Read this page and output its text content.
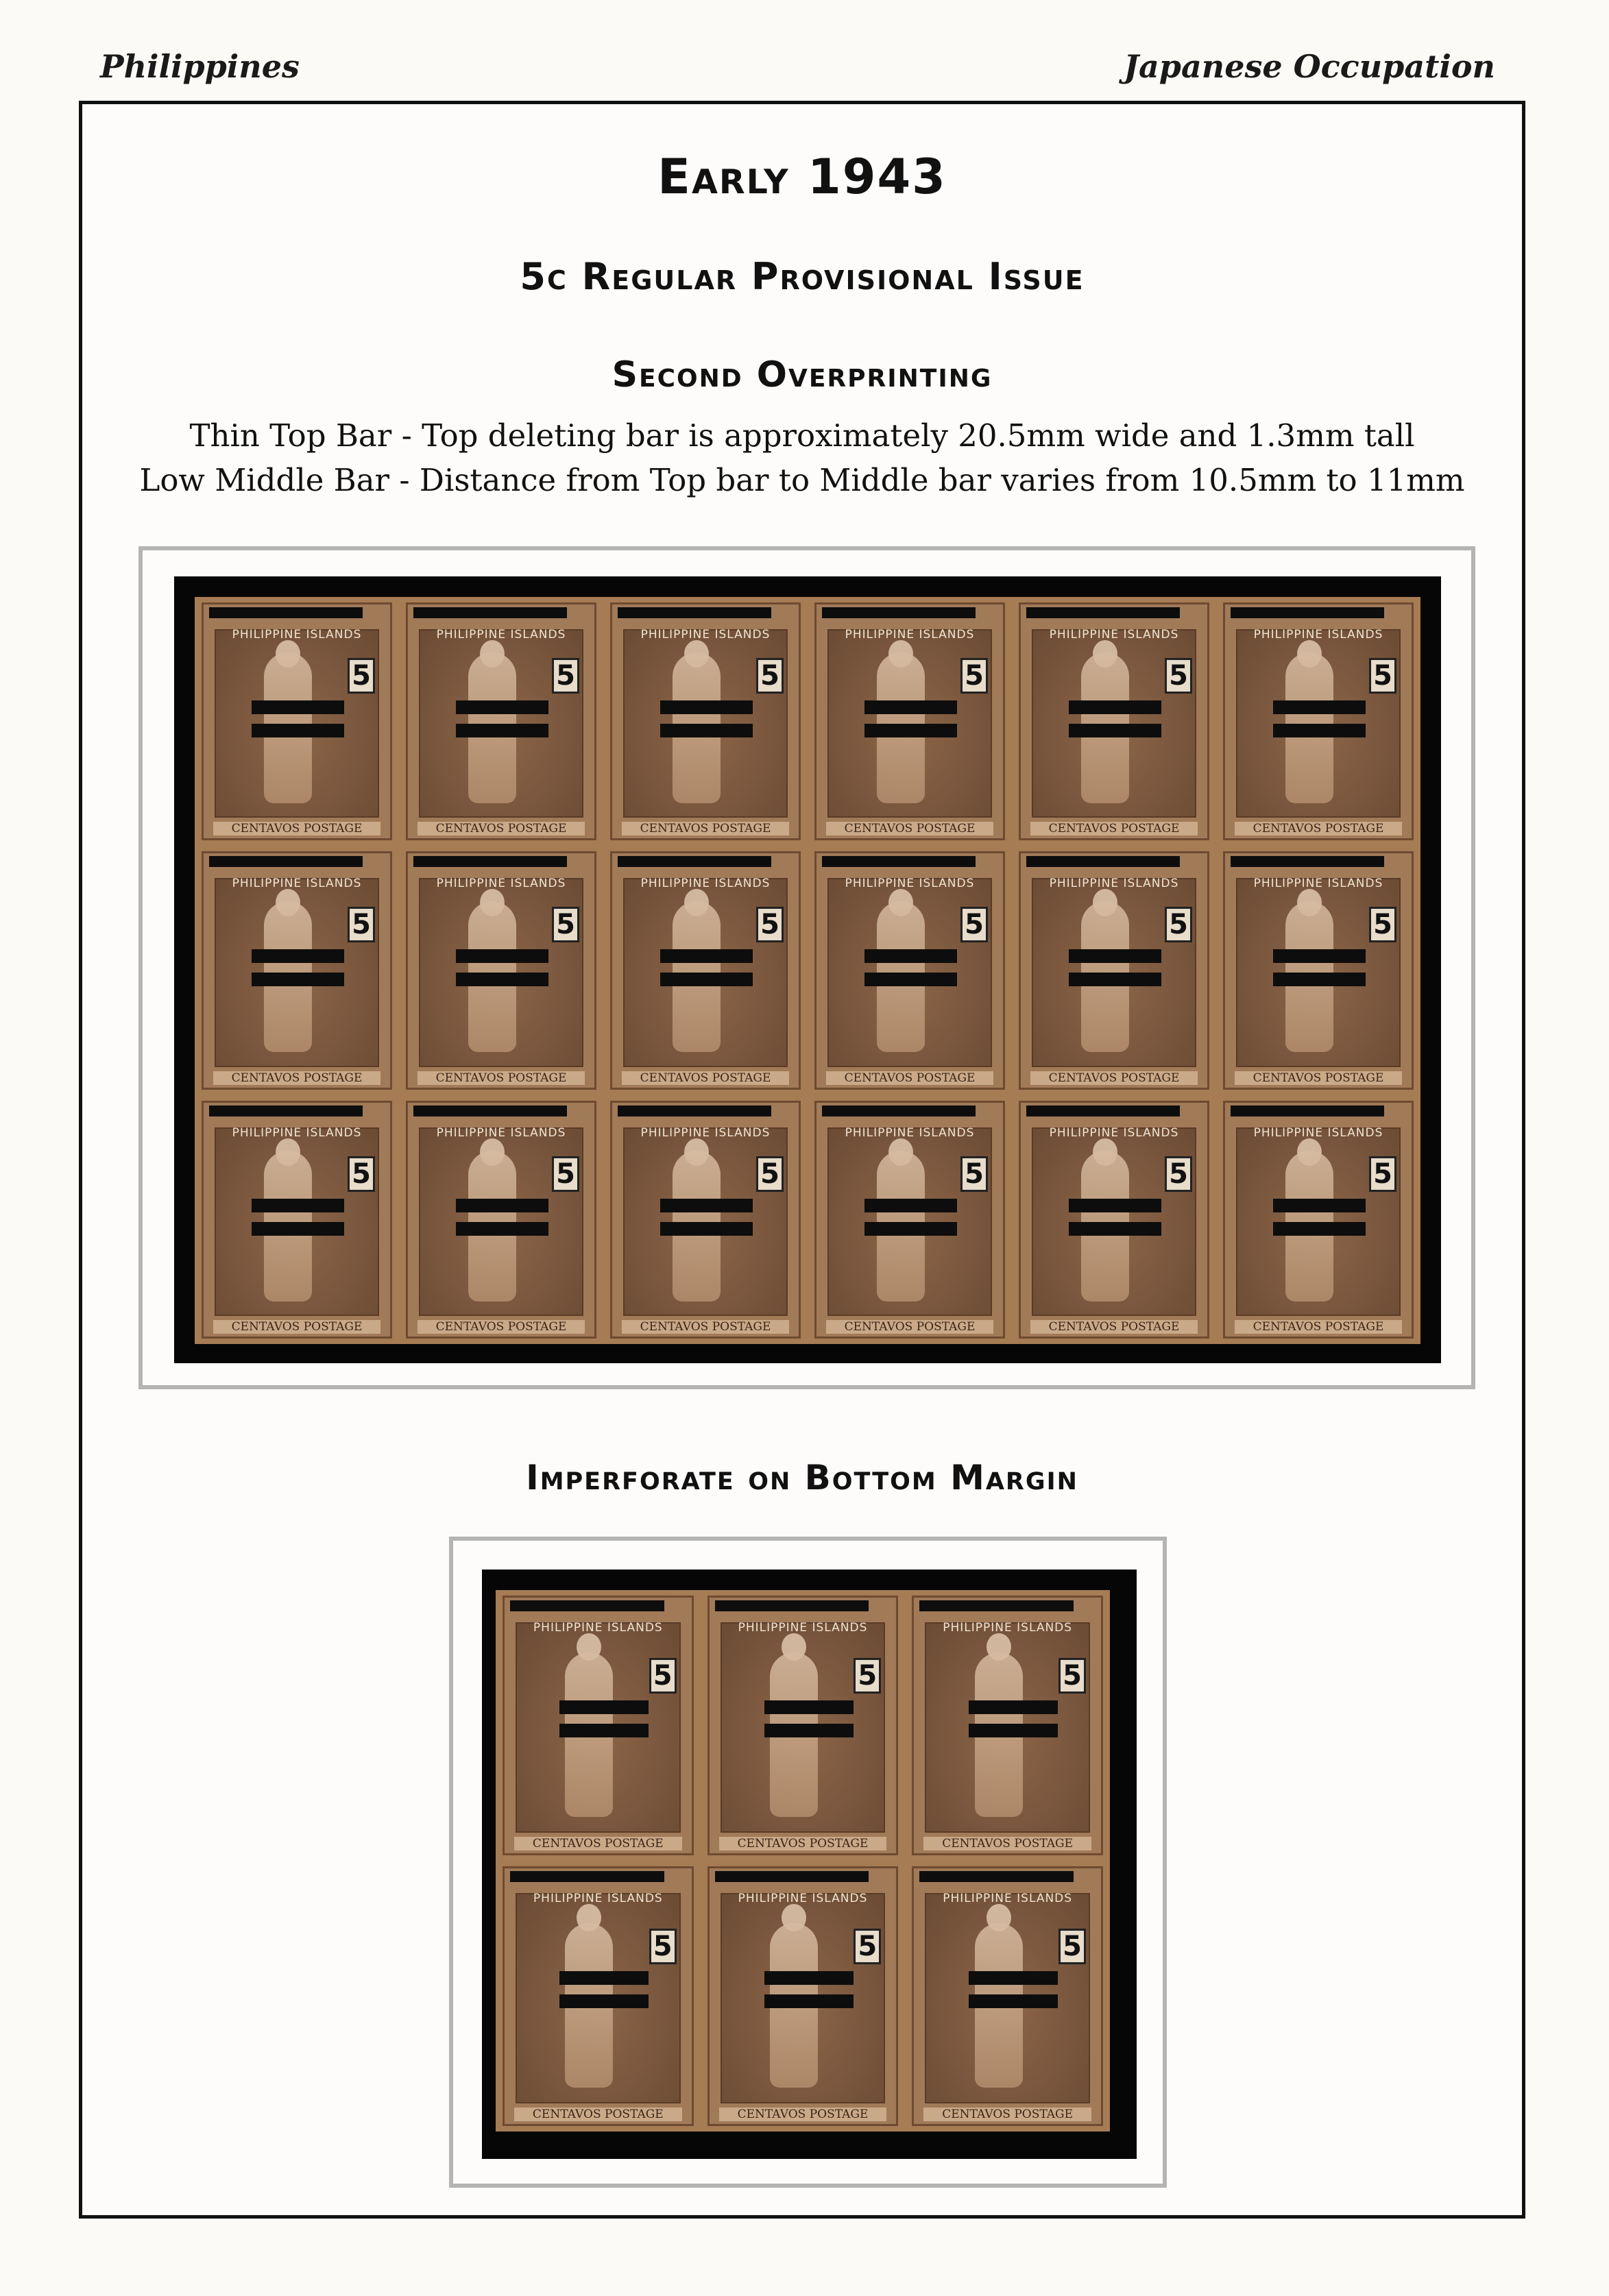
Philippines	Japanese Occupation
Early 1943
5c Regular Provisional Issue
Second Overprinting
Thin Top Bar - Top deleting bar is approximately 20.5mm wide and 1.3mm tall
Low Middle Bar - Distance from Top bar to Middle bar varies from 10.5mm to 11mm
PHILIPPINE ISLANDS
5
CENTAVOS POSTAGE
PHILIPPINE ISLANDS
5
CENTAVOS POSTAGE
PHILIPPINE ISLANDS
5
CENTAVOS POSTAGE
PHILIPPINE ISLANDS
5
CENTAVOS POSTAGE
PHILIPPINE ISLANDS
5
CENTAVOS POSTAGE
PHILIPPINE ISLANDS
5
CENTAVOS POSTAGE
PHILIPPINE ISLANDS
5
CENTAVOS POSTAGE
PHILIPPINE ISLANDS
5
CENTAVOS POSTAGE
PHILIPPINE ISLANDS
5
CENTAVOS POSTAGE
PHILIPPINE ISLANDS
5
CENTAVOS POSTAGE
PHILIPPINE ISLANDS
5
CENTAVOS POSTAGE
PHILIPPINE ISLANDS
5
CENTAVOS POSTAGE
PHILIPPINE ISLANDS
5
CENTAVOS POSTAGE
PHILIPPINE ISLANDS
5
CENTAVOS POSTAGE
PHILIPPINE ISLANDS
5
CENTAVOS POSTAGE
PHILIPPINE ISLANDS
5
CENTAVOS POSTAGE
PHILIPPINE ISLANDS
5
CENTAVOS POSTAGE
PHILIPPINE ISLANDS
5
CENTAVOS POSTAGE
Imperforate on Bottom Margin
PHILIPPINE ISLANDS
5
CENTAVOS POSTAGE
PHILIPPINE ISLANDS
5
CENTAVOS POSTAGE
PHILIPPINE ISLANDS
5
CENTAVOS POSTAGE
PHILIPPINE ISLANDS
5
CENTAVOS POSTAGE
PHILIPPINE ISLANDS
5
CENTAVOS POSTAGE
PHILIPPINE ISLANDS
5
CENTAVOS POSTAGE
